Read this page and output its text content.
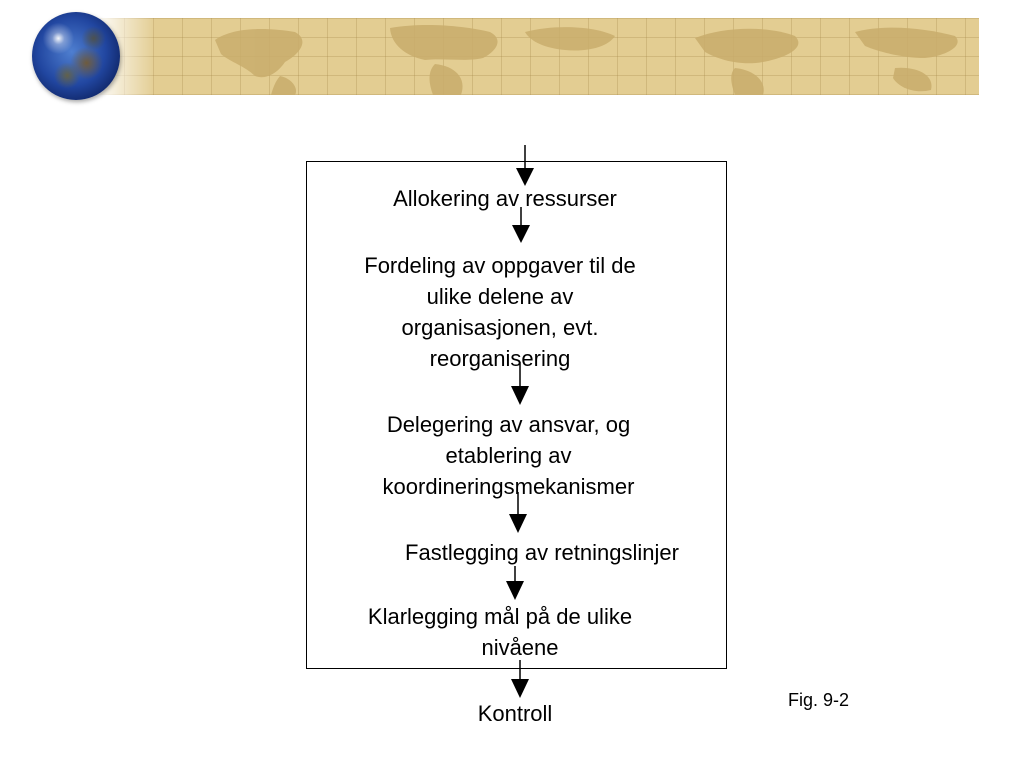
Allokering av ressurser
Fordeling av oppgaver til de
ulike delene av
organisasjonen, evt.
reorganisering
Delegering av ansvar, og
etablering av
koordineringsmekanismer
Fastlegging av retningslinjer
Klarlegging mål på de ulike
nivåene
Kontroll
Fig. 9-2
